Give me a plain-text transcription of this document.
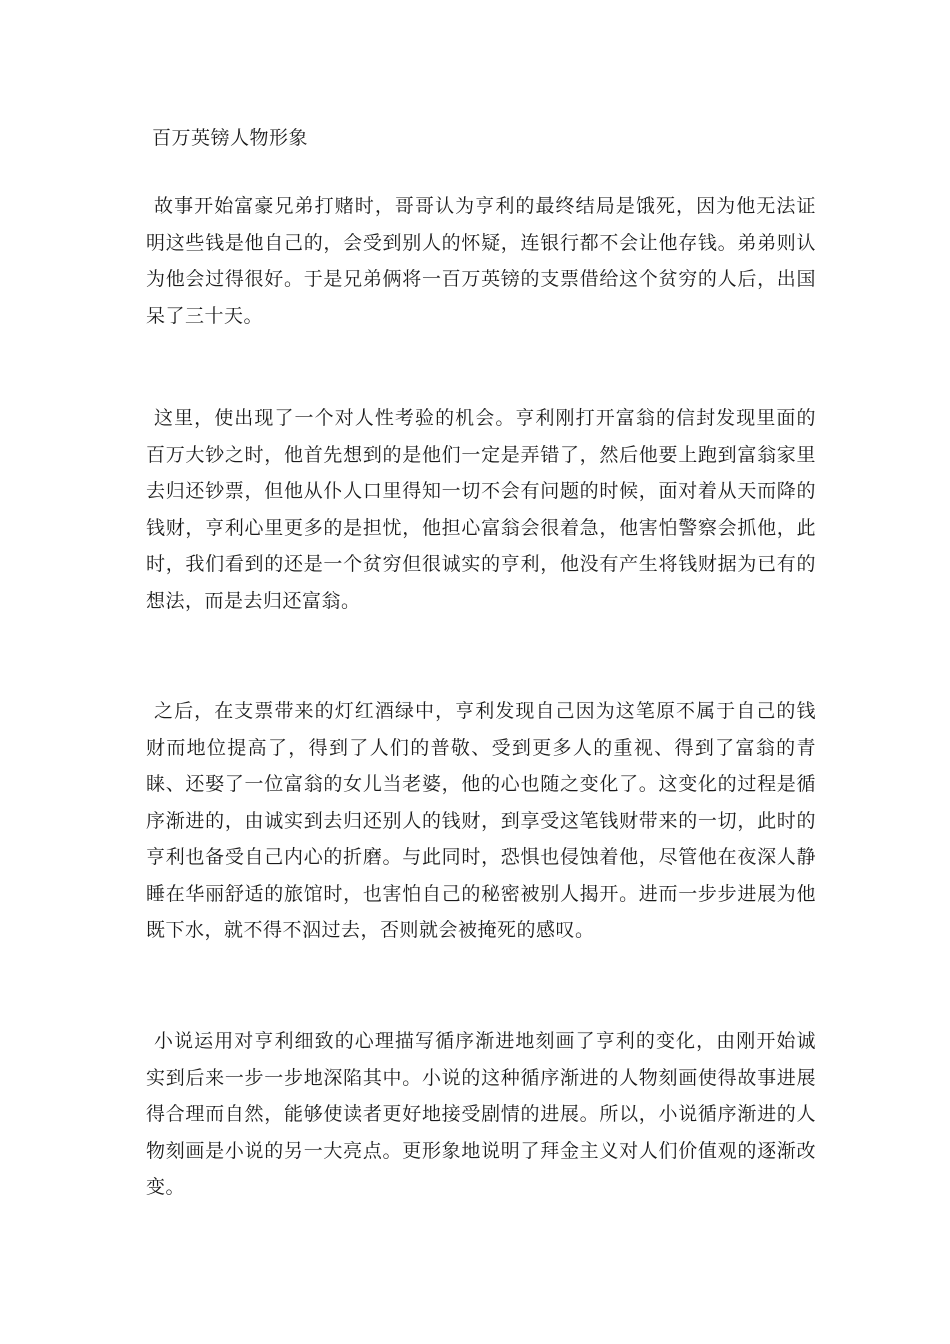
百万英镑人物形象
故事开始富豪兄弟打赌时，哥哥认为亨利的最终结局是饿死，因为他无法证明这些钱是他自己的，会受到别人的怀疑，连银行都不会让他存钱。弟弟则认为他会过得很好。于是兄弟俩将一百万英镑的支票借给这个贫穷的人后，出国呆了三十天。
这里，使出现了一个对人性考验的机会。亨利刚打开富翁的信封发现里面的百万大钞之时，他首先想到的是他们一定是弄错了，然后他要上跑到富翁家里去归还钞票，但他从仆人口里得知一切不会有问题的时候，面对着从天而降的钱财，亨利心里更多的是担忧，他担心富翁会很着急，他害怕警察会抓他，此时，我们看到的还是一个贫穷但很诚实的亨利，他没有产生将钱财据为已有的想法，而是去归还富翁。
之后，在支票带来的灯红酒绿中，亨利发现自己因为这笔原不属于自己的钱财而地位提高了，得到了人们的普敬、受到更多人的重视、得到了富翁的青睐、还娶了一位富翁的女儿当老婆，他的心也随之变化了。这变化的过程是循序渐进的，由诚实到去归还别人的钱财，到享受这笔钱财带来的一切，此时的亨利也备受自己内心的折磨。与此同时，恐惧也侵蚀着他，尽管他在夜深人静睡在华丽舒适的旅馆时，也害怕自己的秘密被别人揭开。进而一步步进展为他既下水，就不得不泅过去，否则就会被掩死的感叹。
小说运用对亨利细致的心理描写循序渐进地刻画了亨利的变化，由刚开始诚实到后来一步一步地深陷其中。小说的这种循序渐进的人物刻画使得故事进展得合理而自然，能够使读者更好地接受剧情的进展。所以，小说循序渐进的人物刻画是小说的另一大亮点。更形象地说明了拜金主义对人们价值观的逐渐改变。
